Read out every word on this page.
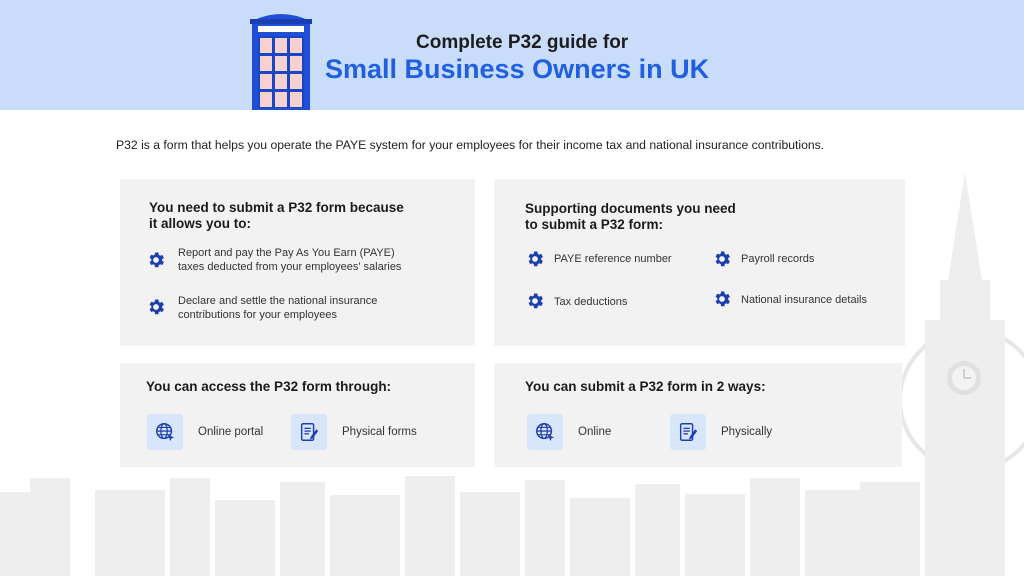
Complete P32 guide for
Small Business Owners in UK
P32 is a form that helps you operate the PAYE system for your employees for their income tax and national insurance contributions.
You need to submit a P32 form because
it allows you to:
Report and pay the Pay As You Earn (PAYE)
taxes deducted from your employees' salaries
Declare and settle the national insurance
contributions for your employees
Supporting documents you need
to submit a P32 form:
PAYE reference number	Payroll records
Tax deductions	National insurance details
You can access the P32 form through:
Online portal	Physical forms
You can submit a P32 form in 2 ways:
Online	Physically
